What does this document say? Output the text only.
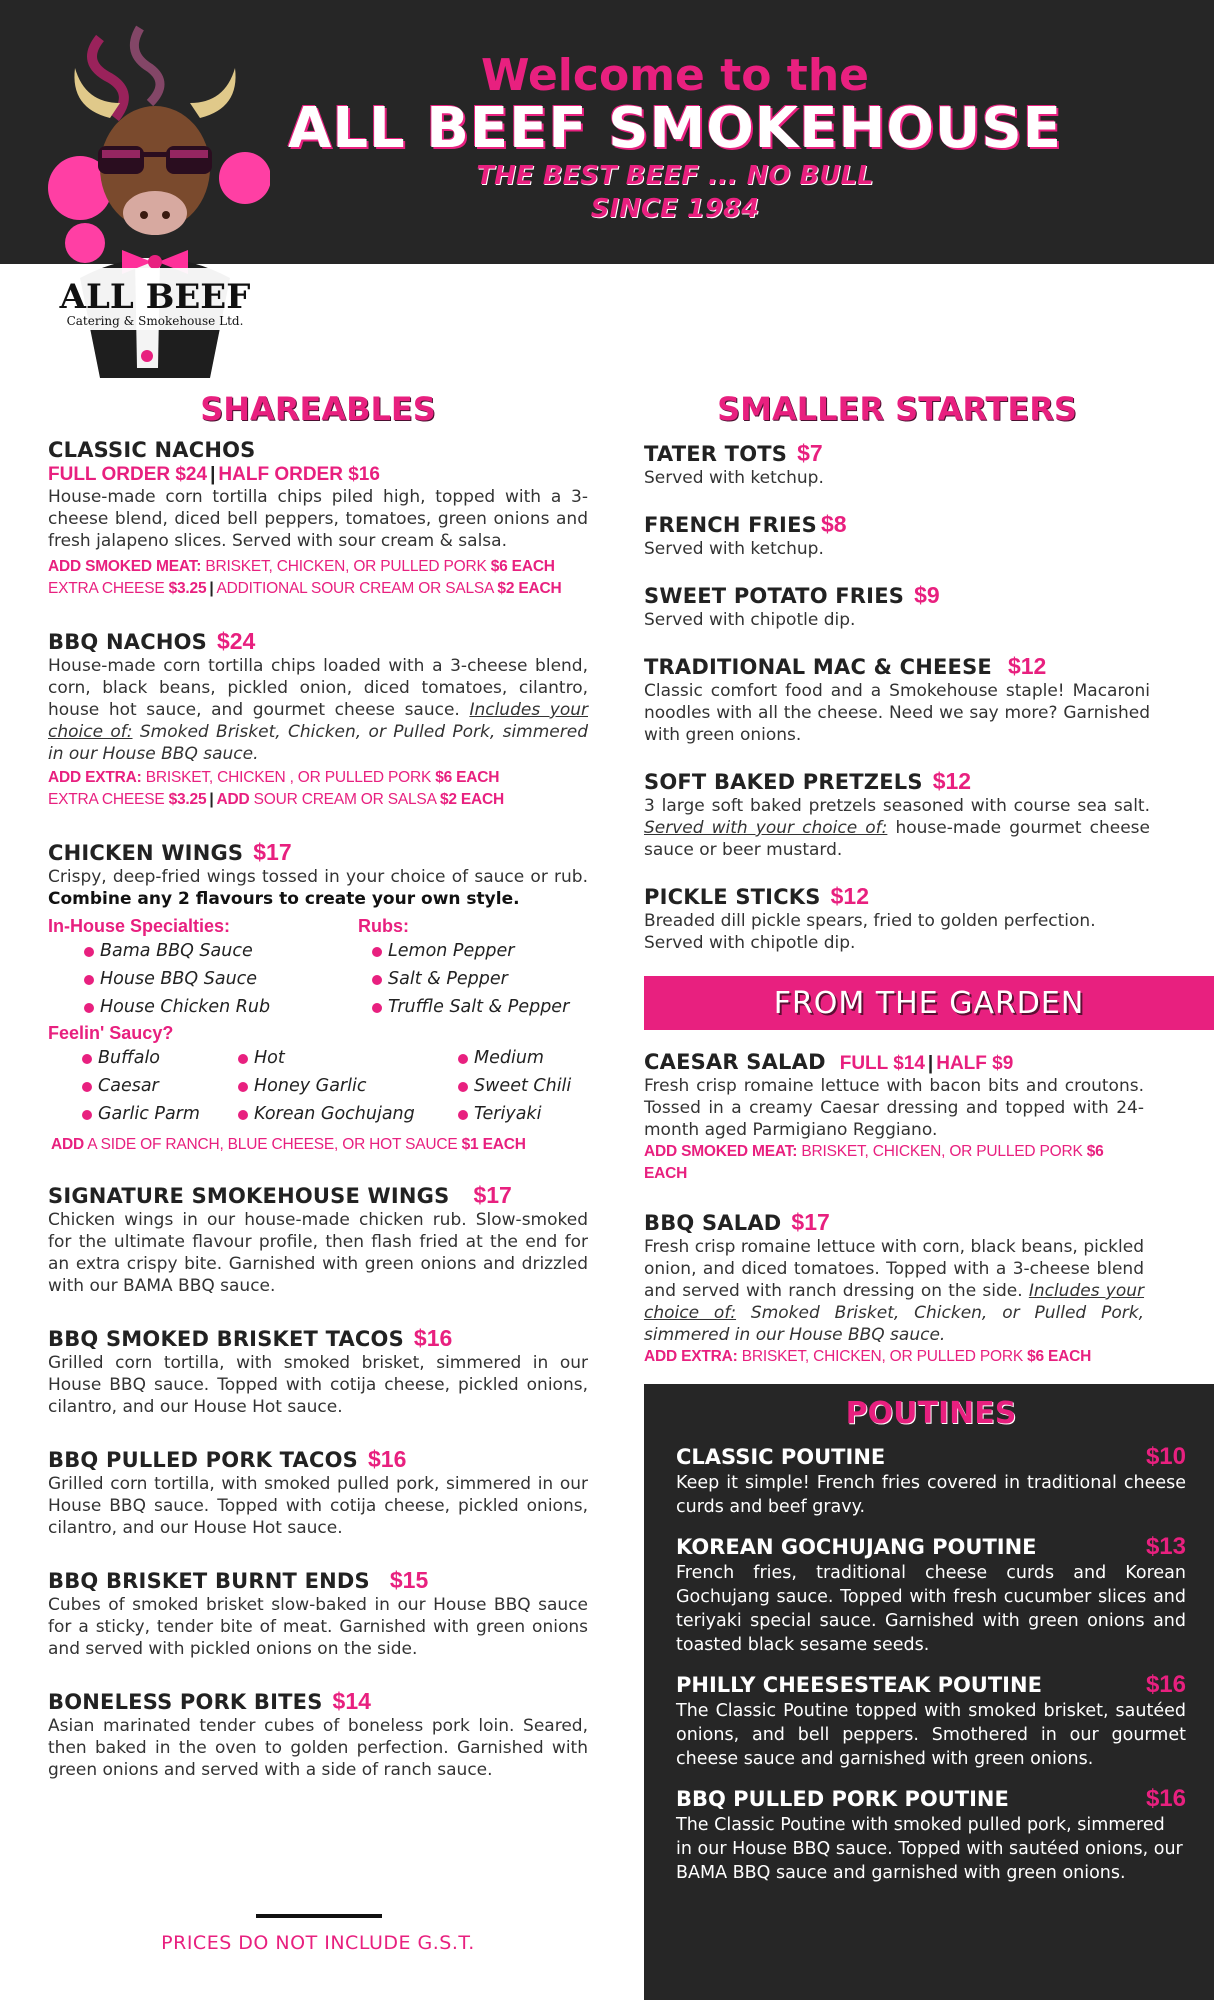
Welcome to the
ALL BEEF SMOKEHOUSE
THE BEST BEEF ... NO BULL
SINCE 1984
ALL BEEF
Catering & Smokehouse Ltd.
SHAREABLES
CLASSIC NACHOS
FULL ORDER $24 | HALF ORDER $16
House-made corn tortilla chips piled high, topped with a 3-cheese blend, diced bell peppers, tomatoes, green onions and fresh jalapeno slices. Served with sour cream & salsa.
ADD SMOKED MEAT: BRISKET, CHICKEN, OR PULLED PORK $6 EACH
EXTRA CHEESE $3.25 | ADDITIONAL SOUR CREAM OR SALSA $2 EACH
BBQ NACHOS $24
House-made corn tortilla chips loaded with a 3-cheese blend, corn, black beans, pickled onion, diced tomatoes, cilantro, house hot sauce, and gourmet cheese sauce. Includes your choice of: Smoked Brisket, Chicken, or Pulled Pork, simmered in our House BBQ sauce.
ADD EXTRA: BRISKET, CHICKEN , OR PULLED PORK $6 EACH
EXTRA CHEESE $3.25 | ADD SOUR CREAM OR SALSA $2 EACH
CHICKEN WINGS $17
Crispy, deep-fried wings tossed in your choice of sauce or rub. Combine any 2 flavours to create your own style.
In-House Specialties:
Bama BBQ Sauce
House BBQ Sauce
House Chicken Rub
Rubs:
Lemon Pepper
Salt & Pepper
Truffle Salt & Pepper
Feelin' Saucy?
Buffalo
Caesar
Garlic Parm
Hot
Honey Garlic
Korean Gochujang
Medium
Sweet Chili
Teriyaki
ADD A SIDE OF RANCH, BLUE CHEESE, OR HOT SAUCE $1 EACH
SIGNATURE SMOKEHOUSE WINGS $17
Chicken wings in our house-made chicken rub. Slow-smoked for the ultimate flavour profile, then flash fried at the end for an extra crispy bite. Garnished with green onions and drizzled with our BAMA BBQ sauce.
BBQ SMOKED BRISKET TACOS $16
Grilled corn tortilla, with smoked brisket, simmered in our House BBQ sauce. Topped with cotija cheese, pickled onions, cilantro, and our House Hot sauce.
BBQ PULLED PORK TACOS $16
Grilled corn tortilla, with smoked pulled pork, simmered in our House BBQ sauce. Topped with cotija cheese, pickled onions, cilantro, and our House Hot sauce.
BBQ BRISKET BURNT ENDS $15
Cubes of smoked brisket slow-baked in our House BBQ sauce for a sticky, tender bite of meat. Garnished with green onions and served with pickled onions on the side.
BONELESS PORK BITES $14
Asian marinated tender cubes of boneless pork loin. Seared, then baked in the oven to golden perfection. Garnished with green onions and served with a side of ranch sauce.
PRICES DO NOT INCLUDE G.S.T.
SMALLER STARTERS
TATER TOTS $7
Served with ketchup.
FRENCH FRIES $8
Served with ketchup.
SWEET POTATO FRIES $9
Served with chipotle dip.
TRADITIONAL MAC & CHEESE $12
Classic comfort food and a Smokehouse staple! Macaroni noodles with all the cheese. Need we say more? Garnished with green onions.
SOFT BAKED PRETZELS $12
3 large soft baked pretzels seasoned with course sea salt. Served with your choice of: house-made gourmet cheese sauce or beer mustard.
PICKLE STICKS $12
Breaded dill pickle spears, fried to golden perfection. Served with chipotle dip.
FROM THE GARDEN
CAESAR SALAD FULL $14 | HALF $9
Fresh crisp romaine lettuce with bacon bits and croutons. Tossed in a creamy Caesar dressing and topped with 24-month aged Parmigiano Reggiano.
ADD SMOKED MEAT: BRISKET, CHICKEN, OR PULLED PORK $6 EACH
BBQ SALAD $17
Fresh crisp romaine lettuce with corn, black beans, pickled onion, and diced tomatoes. Topped with a 3-cheese blend and served with ranch dressing on the side. Includes your choice of: Smoked Brisket, Chicken, or Pulled Pork, simmered in our House BBQ sauce.
ADD EXTRA: BRISKET, CHICKEN, OR PULLED PORK $6 EACH
POUTINES
CLASSIC POUTINE	$10
Keep it simple! French fries covered in traditional cheese curds and beef gravy.
KOREAN GOCHUJANG POUTINE	$13
French fries, traditional cheese curds and Korean Gochujang sauce. Topped with fresh cucumber slices and teriyaki special sauce. Garnished with green onions and toasted black sesame seeds.
PHILLY CHEESESTEAK POUTINE	$16
The Classic Poutine topped with smoked brisket, sautéed onions, and bell peppers. Smothered in our gourmet cheese sauce and garnished with green onions.
BBQ PULLED PORK POUTINE	$16
The Classic Poutine with smoked pulled pork, simmered in our House BBQ sauce. Topped with sautéed onions, our BAMA BBQ sauce and garnished with green onions.
